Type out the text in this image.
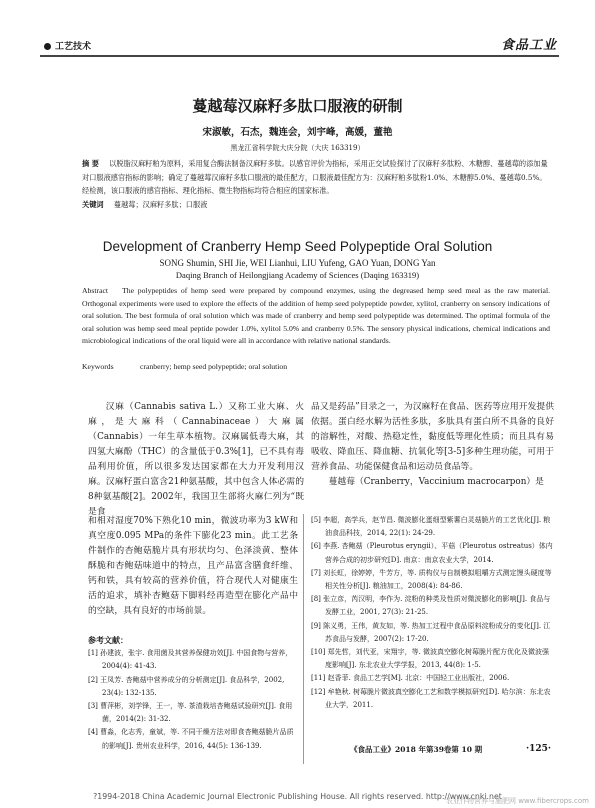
工艺技术	食品工业
蔓越莓汉麻籽多肽口服液的研制
宋淑敏，石杰，魏连会，刘宇峰，高媛，董艳
黑龙江省科学院大庆分院（大庆 163319）
摘 要 以脱脂汉麻籽粕为原料，采用复合酶法制备汉麻籽多肽。以感官评价为指标，采用正交试验探讨了汉麻籽多肽粉、木糖醇、蔓越莓的添加量对口服液感官指标的影响；确定了蔓越莓汉麻籽多肽口服液的最佳配方，口服液最佳配方为：汉麻籽粕多肽粉1.0%、木糖醇5.0%、蔓越莓0.5%。经检测，该口服液的感官指标、理化指标、微生物指标均符合相应的国家标准。
关键词 蔓越莓；汉麻籽多肽；口服液
Development of Cranberry Hemp Seed Polypeptide Oral Solution
SONG Shumin, SHI Jie, WEI Lianhui, LIU Yufeng, GAO Yuan, DONG Yan
Daqing Branch of Heilongjiang Academy of Sciences (Daqing 163319)
Abstract The polypeptides of hemp seed were prepared by compound enzymes, using the degreased hemp seed meal as the raw material. Orthogonal experiments were used to explore the effects of the addition of hemp seed polypeptide powder, xylitol, cranberry on sensory indications of oral solution. The best formula of oral solution which was made of cranberry and hemp seed polypeptide was determined. The optimal formula of the oral solution was hemp seed meal peptide powder 1.0%, xylitol 5.0% and cranberry 0.5%. The sensory physical indications, chemical indications and microbiological indications of the oral liquid were all in accordance with relative national standards.
Keywords	cranberry; hemp seed polypeptide; oral solution
汉麻（Cannabis sativa L.）又称工业大麻、火麻，是大麻科（Cannabinaceae）大麻属（Cannabis）一年生草本植物。汉麻属低毒大麻，其四氢大麻酚（THC）的含量低于0.3%[1]，已不具有毒品利用价值，所以很多发达国家都在大力开发利用汉麻。汉麻籽蛋白富含21种氨基酸，其中包含人体必需的8种氨基酸[2]。2002年，我国卫生部将火麻仁列为“既是食
品又是药品”目录之一，为汉麻籽在食品、医药等应用开发提供依据。蛋白经水解为活性多肽，多肽具有蛋白所不具备的良好的溶解性，对酸、热稳定性，黏度低等理化性质；而且具有易吸收、降血压、降血糖、抗氧化等[3-5]多种生理功能，可用于营养食品、功能保健食品和运动员食品等。
蔓越莓（Cranberry，Vaccinium macrocarpon）是
和相对湿度70%下熟化10 min，微波功率为3 kW和真空度0.095 MPa的条件下膨化23 min。此工艺条件制作的杏鲍菇脆片具有形状均匀、色泽淡黄、整体酥脆和杏鲍菇味道中的特点，且产品富含膳食纤维、钙和铁，具有较高的营养价值，符合现代人对健康生活的追求，填补杏鲍菇下脚料经再造型在膨化产品中的空缺，具有良好的市场前景。
参考文献：
[1] 孙建波，张宇. 食用菌及其营养保健功效[J]. 中国食物与营养，2004(4): 41-43.
[2] 王凤芳. 杏鲍菇中营养成分的分析测定[J]. 食品科学，2002, 23(4): 132-135.
[3] 曹萍彬，刘学锋，王一，等. 茶渣栽培杏鲍菇试验研究[J]. 食用菌，2014(2): 31-32.
[4] 曹淼，化志秀，童斌，等. 不同干燥方法对即食杏鲍菇脆片品质的影响[J]. 贵州农业科学，2016, 44(5): 136-139.
[5] 李超，高学兵，赵节昌. 微波膨化蛋细型紫薯白灵菇脆片的工艺优化[J]. 粮油食品科技，2014, 22(1): 24-29.
[6] 李燕. 杏鲍菇（Pleurotus eryngii）、平菇（Pleurotus ostreatus）体内营养合成的初步研究[D]. 南京：南京农业大学，2014.
[7] 刘长虹，徐婷婷，牛芳方，等. 质构仪与自制模拟咀嚼方式测定馒头硬度等相关性分析[J]. 粮油加工，2008(4): 84-86.
[8] 张立彦，芮汉明，李作为. 淀粉的种类及性质对微波膨化的影响[J]. 食品与发酵工业，2001, 27(3): 21-25.
[9] 陈义勇，王伟，黄友如，等. 热加工过程中食品原料淀粉成分的变化[J]. 江苏食品与发酵，2007(2): 17-20.
[10] 郑先哲，刘代亚，宋翔宇，等. 微波真空膨化树莓脆片配方优化及微波强度影响[J]. 东北农业大学学报，2013, 44(8): 1-5.
[11] 赵香菲. 食品工艺学[M]. 北京：中国轻工业出版社，2006.
[12] 牟艳秋. 树莓脆片微波真空膨化工艺和数学模拟研究[D]. 哈尔滨：东北农业大学，2011.
《食品工业》2018 年第39卷第 10 期	·125·
?1994-2018 China Academic Journal Electronic Publishing House. All rights reserved. http://www.cnki.net
农业作物营养与施肥网 www.fibercrops.com
